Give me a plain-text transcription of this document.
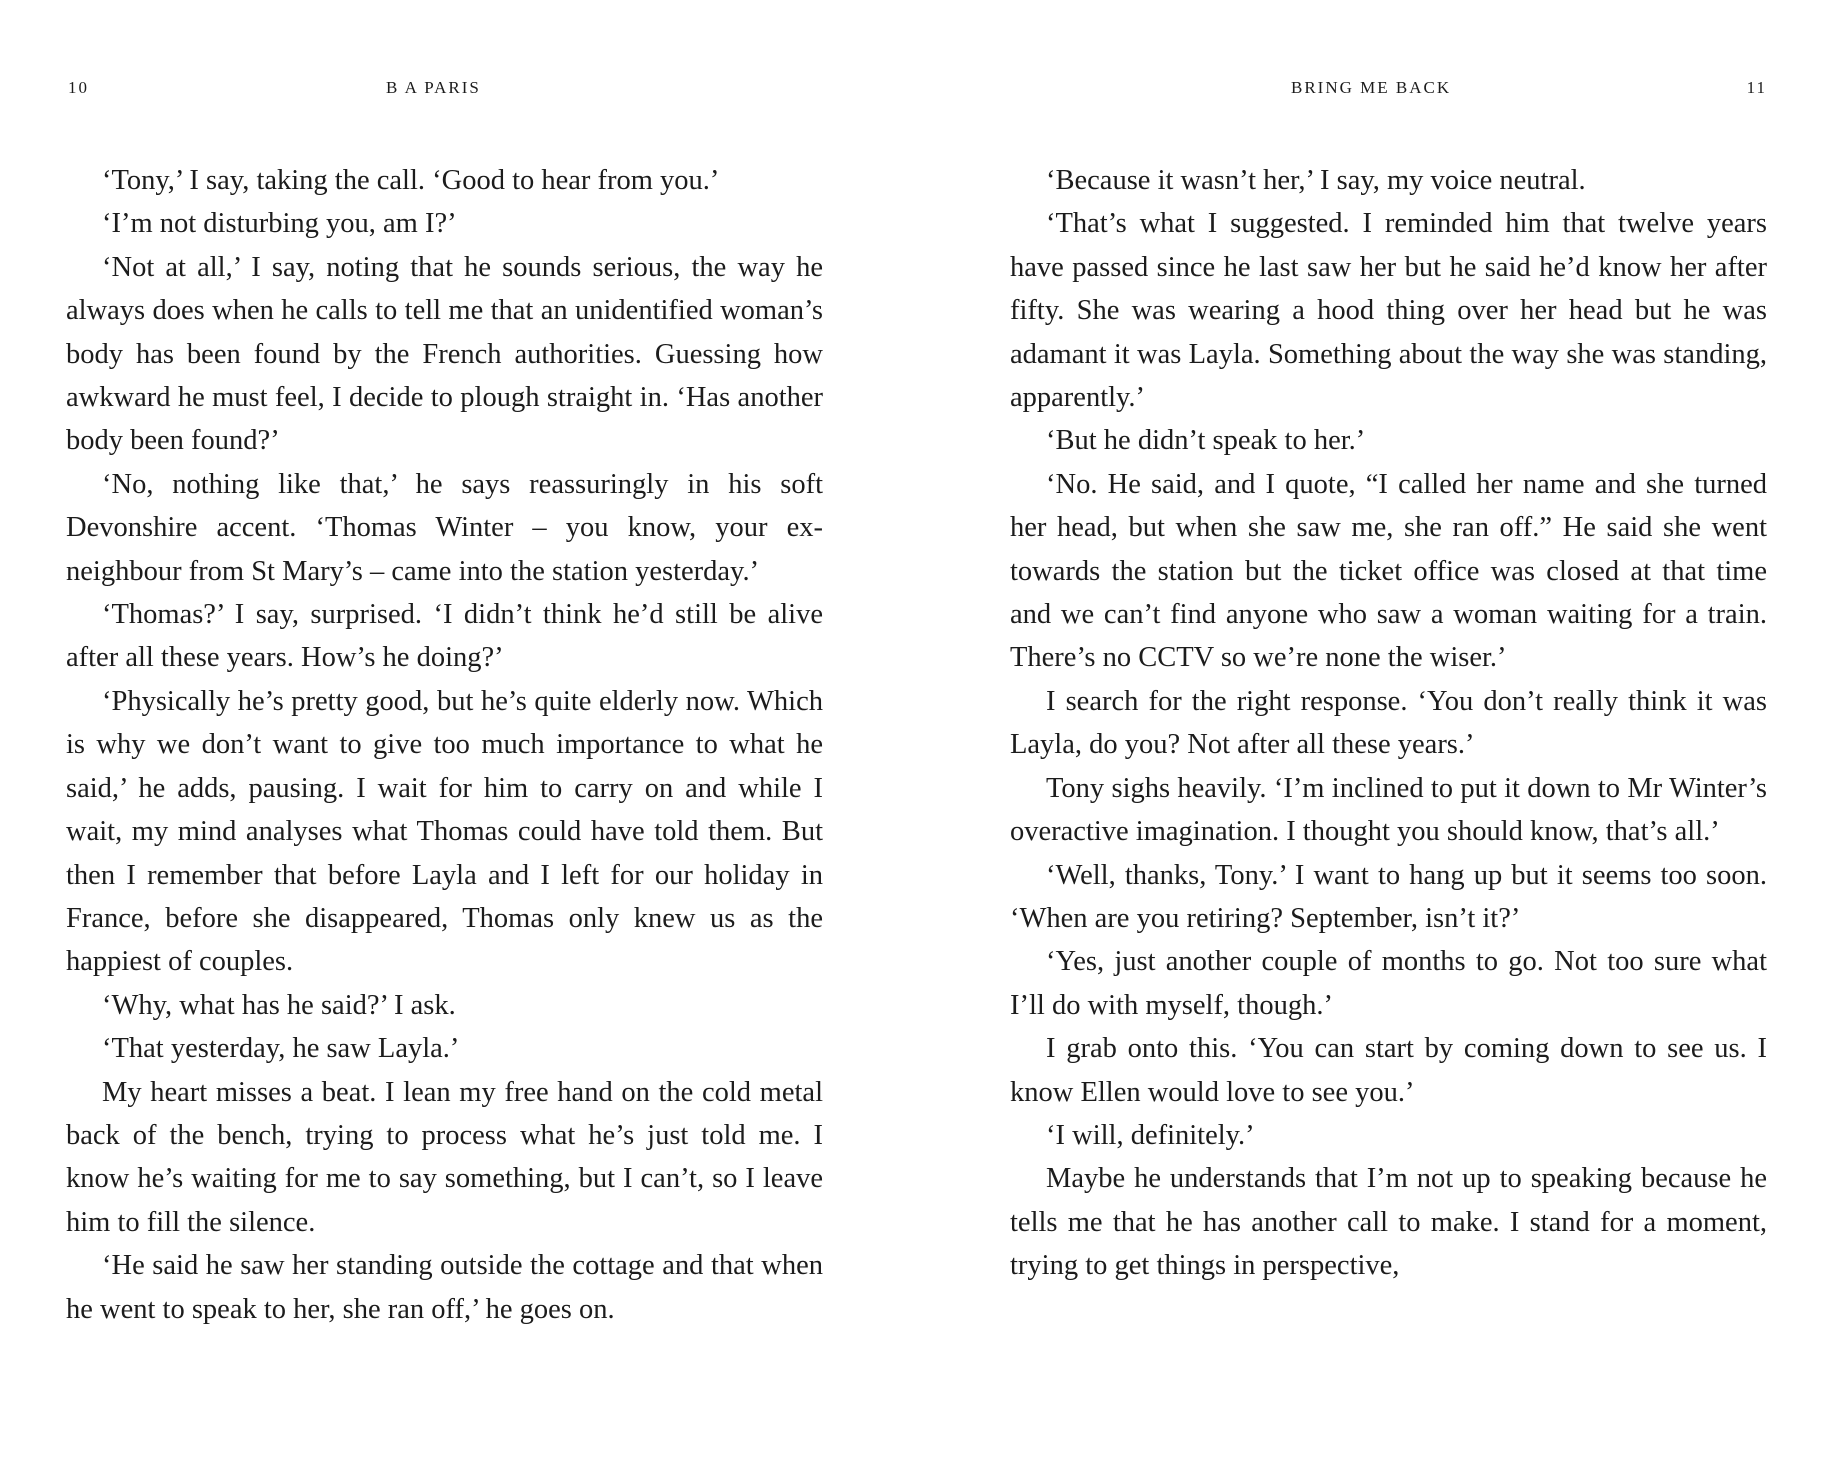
10	B A PARIS

‘Tony,’ I say, taking the call. ‘Good to hear from you.’

‘I’m not disturbing you, am I?’

‘Not at all,’ I say, noting that he sounds serious, the way he always does when he calls to tell me that an unidentified woman’s body has been found by the French authorities. Guessing how awkward he must feel, I decide to plough straight in. ‘Has another body been found?’

‘No, nothing like that,’ he says reassuringly in his soft Devonshire accent. ‘Thomas Winter – you know, your ex-neighbour from St Mary’s – came into the station yesterday.’

‘Thomas?’ I say, surprised. ‘I didn’t think he’d still be alive after all these years. How’s he doing?’

‘Physically he’s pretty good, but he’s quite elderly now. Which is why we don’t want to give too much importance to what he said,’ he adds, pausing. I wait for him to carry on and while I wait, my mind analyses what Thomas could have told them. But then I remember that before Layla and I left for our holiday in France, before she disappeared, Thomas only knew us as the happiest of couples.

‘Why, what has he said?’ I ask.

‘That yesterday, he saw Layla.’

My heart misses a beat. I lean my free hand on the cold metal back of the bench, trying to process what he’s just told me. I know he’s waiting for me to say something, but I can’t, so I leave him to fill the silence.

‘He said he saw her standing outside the cottage and that when he went to speak to her, she ran off,’ he goes on.

BRING ME BACK	11

‘Because it wasn’t her,’ I say, my voice neutral.

‘That’s what I suggested. I reminded him that twelve years have passed since he last saw her but he said he’d know her after fifty. She was wearing a hood thing over her head but he was adamant it was Layla. Something about the way she was standing, apparently.’

‘But he didn’t speak to her.’

‘No. He said, and I quote, “I called her name and she turned her head, but when she saw me, she ran off.” He said she went towards the station but the ticket office was closed at that time and we can’t find anyone who saw a woman waiting for a train. There’s no CCTV so we’re none the wiser.’

I search for the right response. ‘You don’t really think it was Layla, do you? Not after all these years.’

Tony sighs heavily. ‘I’m inclined to put it down to Mr Winter’s overactive imagination. I thought you should know, that’s all.’

‘Well, thanks, Tony.’ I want to hang up but it seems too soon. ‘When are you retiring? September, isn’t it?’

‘Yes, just another couple of months to go. Not too sure what I’ll do with myself, though.’

I grab onto this. ‘You can start by coming down to see us. I know Ellen would love to see you.’

‘I will, definitely.’

Maybe he understands that I’m not up to speaking because he tells me that he has another call to make. I stand for a moment, trying to get things in perspective,
